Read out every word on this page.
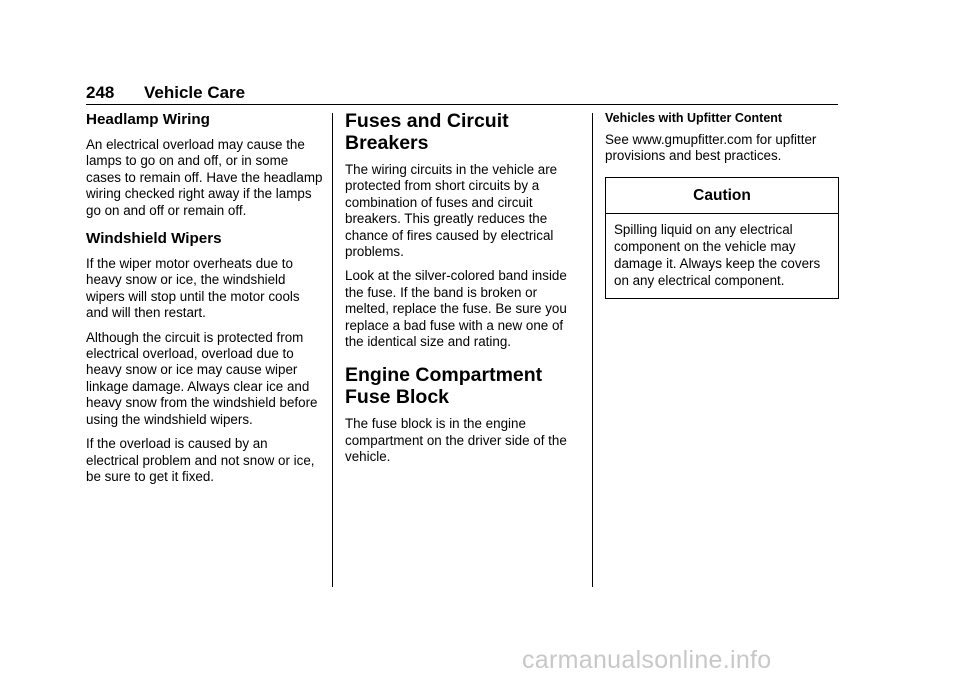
248 Vehicle Care
Headlamp Wiring

An electrical overload may cause the lamps to go on and off, or in some cases to remain off. Have the headlamp wiring checked right away if the lamps go on and off or remain off.

Windshield Wipers

If the wiper motor overheats due to heavy snow or ice, the windshield wipers will stop until the motor cools and will then restart.

Although the circuit is protected from electrical overload, overload due to heavy snow or ice may cause wiper linkage damage. Always clear ice and heavy snow from the windshield before using the windshield wipers.

If the overload is caused by an electrical problem and not snow or ice, be sure to get it fixed.

Fuses and Circuit Breakers

The wiring circuits in the vehicle are protected from short circuits by a combination of fuses and circuit breakers. This greatly reduces the chance of fires caused by electrical problems.

Look at the silver-colored band inside the fuse. If the band is broken or melted, replace the fuse. Be sure you replace a bad fuse with a new one of the identical size and rating.

Engine Compartment Fuse Block

The fuse block is in the engine compartment on the driver side of the vehicle.

Vehicles with Upfitter Content

See www.gmupfitter.com for upfitter provisions and best practices.

Caution
Spilling liquid on any electrical component on the vehicle may damage it. Always keep the covers on any electrical component.
carmanualsonline.info
